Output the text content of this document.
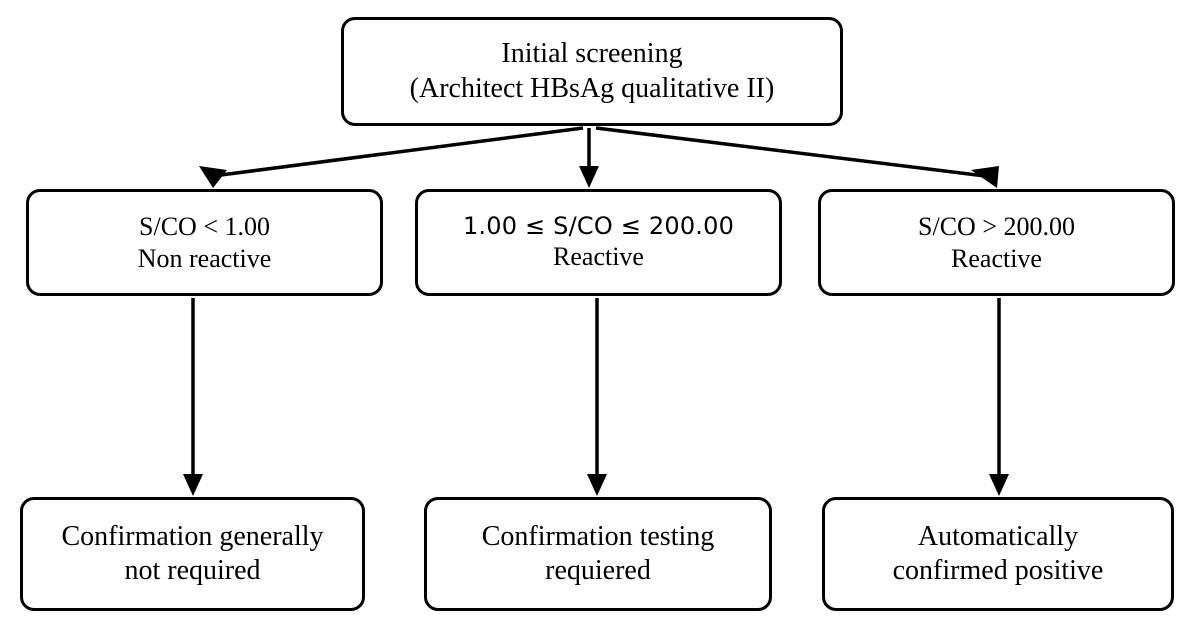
Initial screening
(Architect HBsAg qualitative II)
S/CO < 1.00
Non reactive
1.00 ≤ S/CO ≤ 200.00
Reactive
S/CO > 200.00
Reactive
Confirmation generally
not required
Confirmation testing
requiered
Automatically
confirmed positive
